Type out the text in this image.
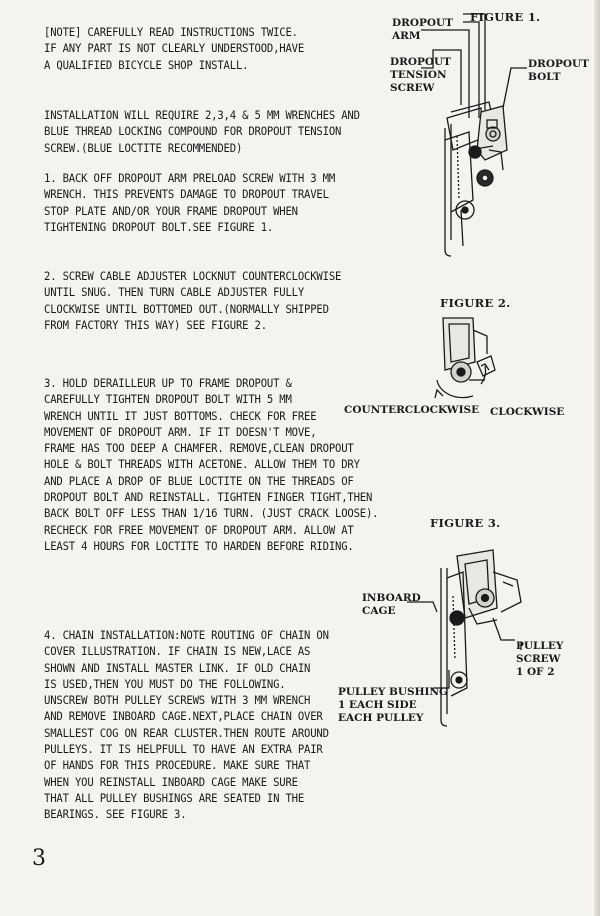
[NOTE] CAREFULLY READ INSTRUCTIONS TWICE.
IF ANY PART IS NOT CLEARLY UNDERSTOOD,HAVE
A QUALIFIED BICYCLE SHOP INSTALL.
INSTALLATION WILL REQUIRE 2,3,4 & 5 MM WRENCHES AND
BLUE THREAD LOCKING COMPOUND FOR DROPOUT TENSION
SCREW.(BLUE LOCTITE RECOMMENDED)
1. BACK OFF DROPOUT ARM PRELOAD SCREW WITH 3 MM
WRENCH. THIS PREVENTS DAMAGE TO DROPOUT TRAVEL
STOP PLATE AND/OR YOUR FRAME DROPOUT WHEN
TIGHTENING DROPOUT BOLT.SEE FIGURE 1.
2. SCREW CABLE ADJUSTER LOCKNUT COUNTERCLOCKWISE
UNTIL SNUG. THEN TURN CABLE ADJUSTER FULLY
CLOCKWISE UNTIL BOTTOMED OUT.(NORMALLY SHIPPED
FROM FACTORY THIS WAY) SEE FIGURE 2.
3. HOLD DERAILLEUR UP TO FRAME DROPOUT &
CAREFULLY TIGHTEN DROPOUT BOLT WITH 5 MM
WRENCH UNTIL IT JUST BOTTOMS. CHECK FOR FREE
MOVEMENT OF DROPOUT ARM. IF IT DOESN'T MOVE,
FRAME HAS TOO DEEP A CHAMFER. REMOVE,CLEAN DROPOUT
HOLE & BOLT THREADS WITH ACETONE. ALLOW THEM TO DRY
AND PLACE A DROP OF BLUE LOCTITE ON THE THREADS OF
DROPOUT BOLT AND REINSTALL. TIGHTEN FINGER TIGHT,THEN
BACK BOLT OFF LESS THAN 1/16 TURN. (JUST CRACK LOOSE).
RECHECK FOR FREE MOVEMENT OF DROPOUT ARM. ALLOW AT
LEAST 4 HOURS FOR LOCTITE TO HARDEN BEFORE RIDING.
4. CHAIN INSTALLATION:NOTE ROUTING OF CHAIN ON
COVER ILLUSTRATION. IF CHAIN IS NEW,LACE AS
SHOWN AND INSTALL MASTER LINK. IF OLD CHAIN
IS USED,THEN YOU MUST DO THE FOLLOWING.
UNSCREW BOTH PULLEY SCREWS WITH 3 MM WRENCH
AND REMOVE INBOARD CAGE.NEXT,PLACE CHAIN OVER
SMALLEST COG ON REAR CLUSTER.THEN ROUTE AROUND
PULLEYS. IT IS HELPFULL TO HAVE AN EXTRA PAIR
OF HANDS FOR THIS PROCEDURE. MAKE SURE THAT
WHEN YOU REINSTALL INBOARD CAGE MAKE SURE
THAT ALL PULLEY BUSHINGS ARE SEATED IN THE
BEARINGS. SEE FIGURE 3.
3
FIGURE 1.
DROPOUT
ARM
DROPOUT
TENSION
SCREW
DROPOUT
BOLT
FIGURE 2.
COUNTERCLOCKWISE CLOCKWISE
FIGURE 3.
INBOARD
CAGE
PULLEY
SCREW
1 OF 2
PULLEY BUSHING
1 EACH SIDE
EACH PULLEY
